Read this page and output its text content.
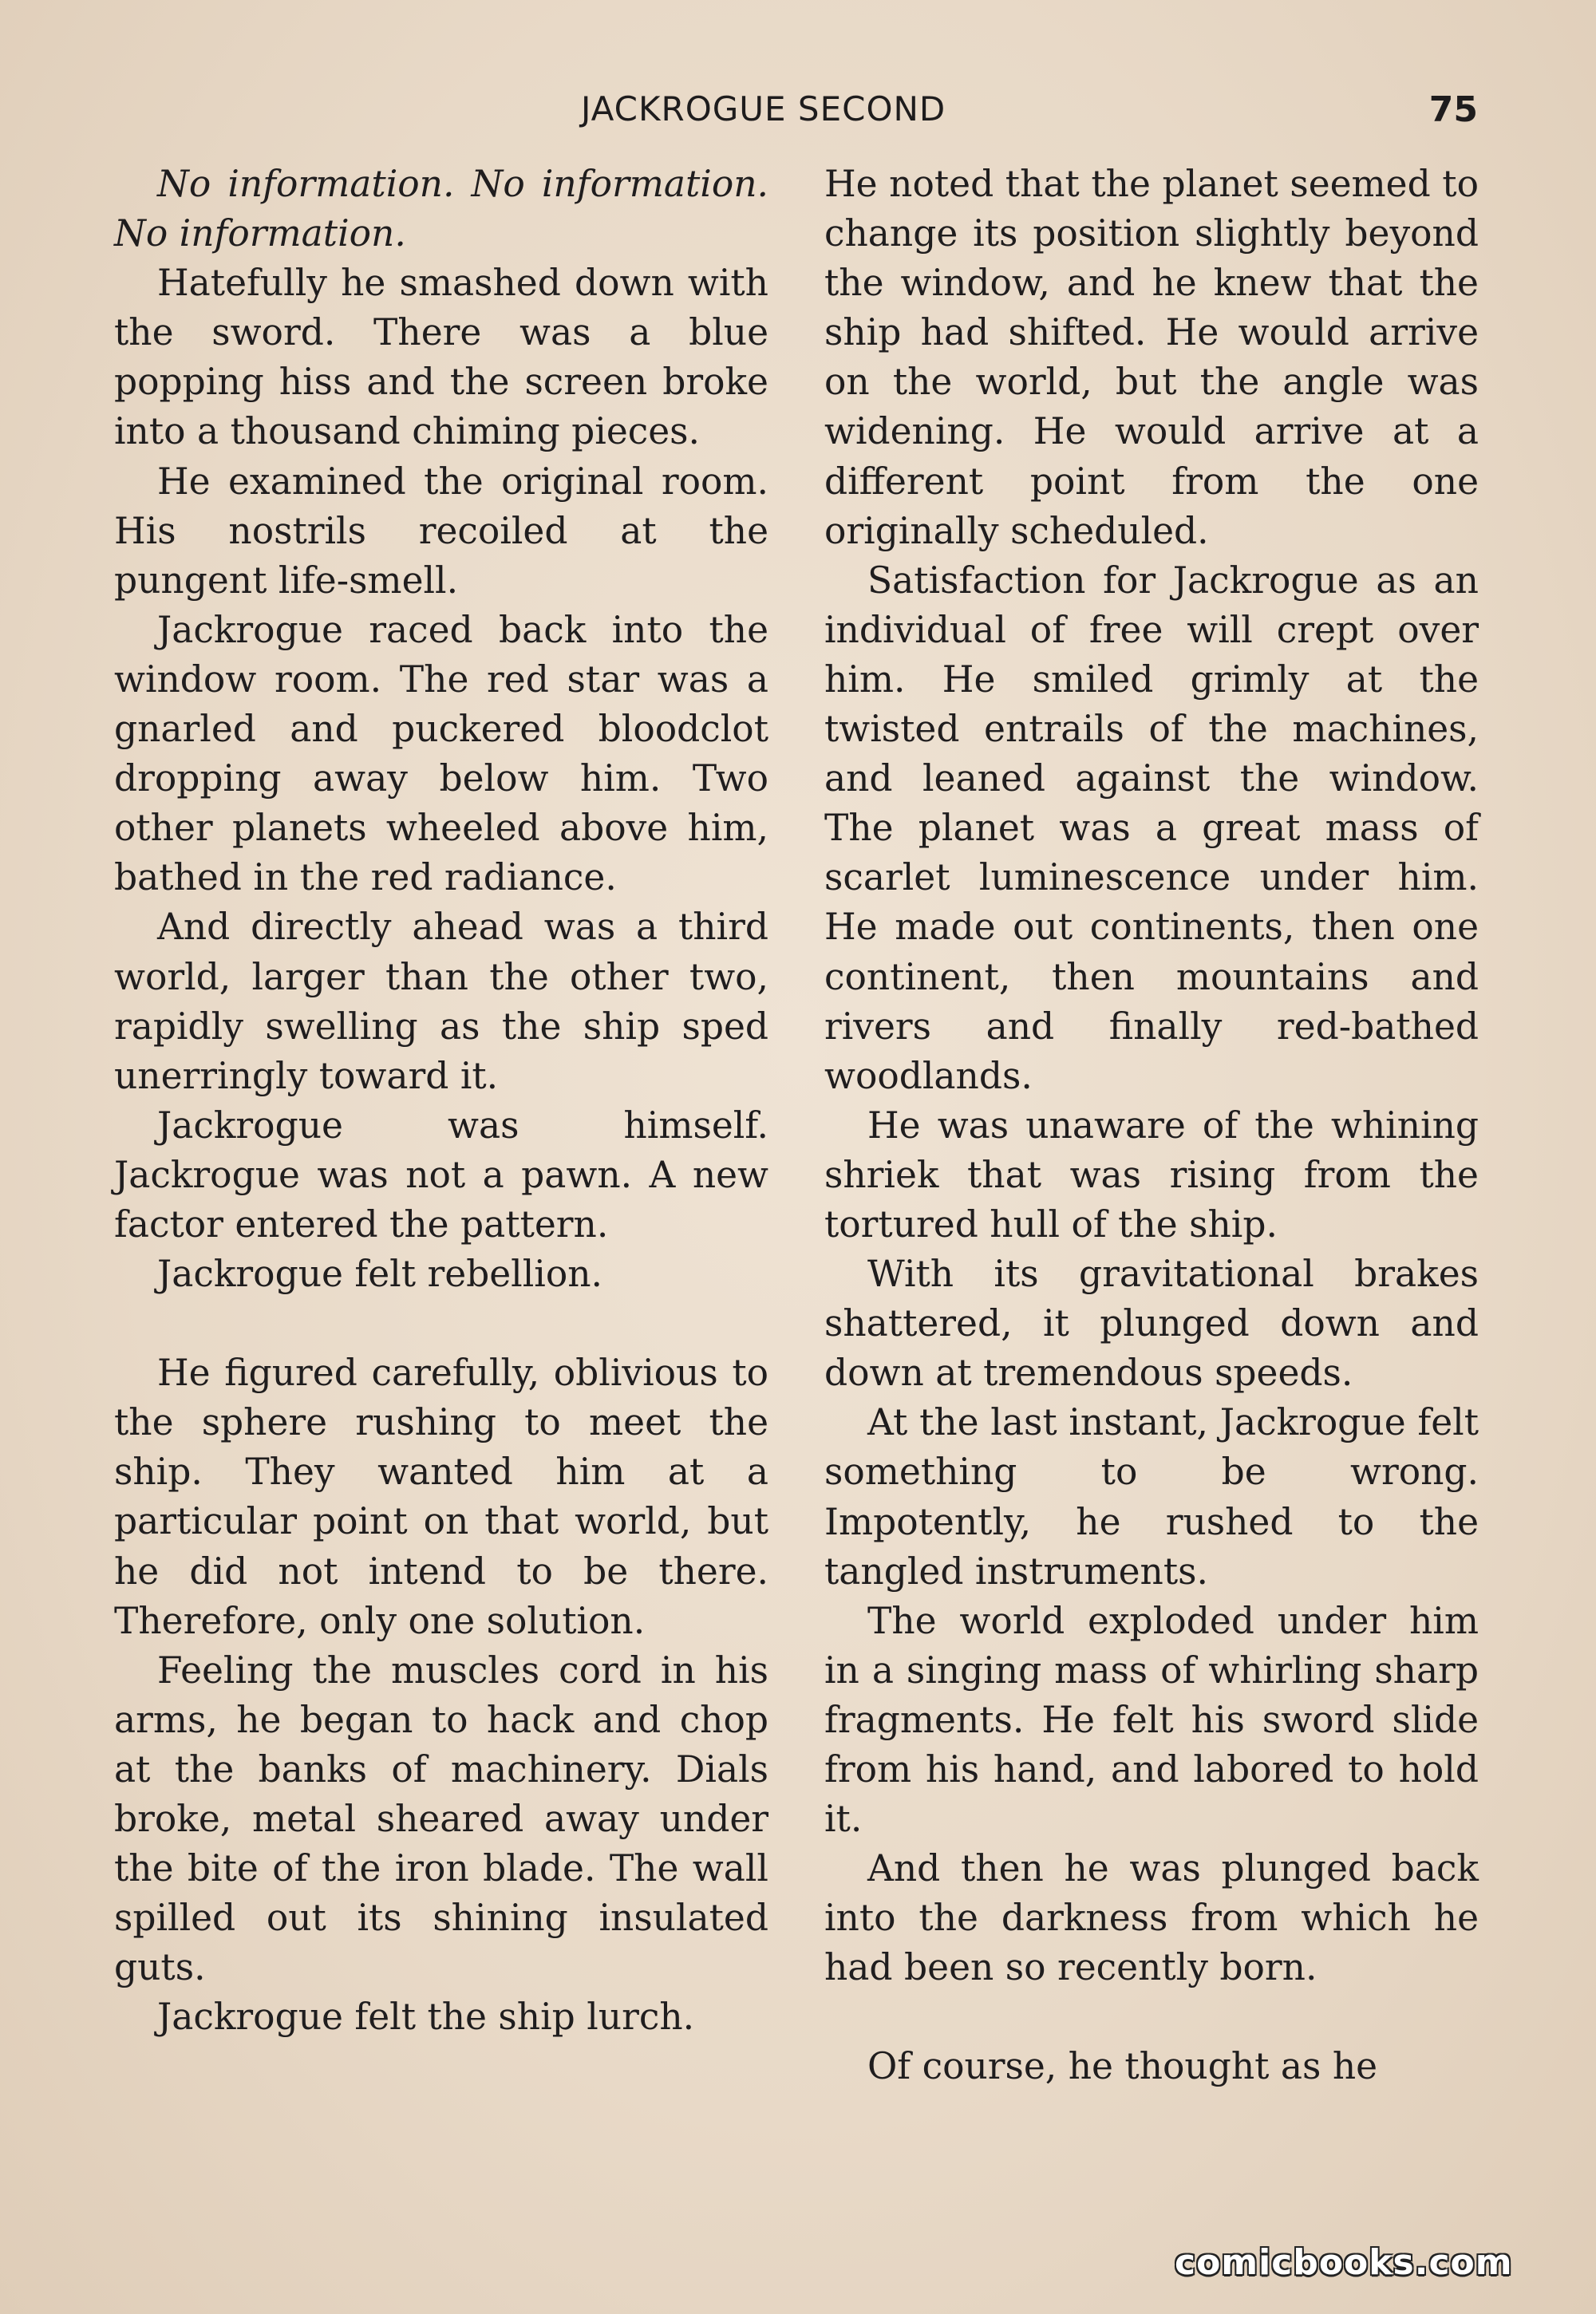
JACKROGUE SECOND	75

No information. No information. No information.

Hatefully he smashed down with the sword. There was a blue popping hiss and the screen broke into a thousand chiming pieces.

He examined the original room. His nostrils recoiled at the pungent life-smell.

Jackrogue raced back into the window room. The red star was a gnarled and puckered bloodclot dropping away below him. Two other planets wheeled above him, bathed in the red radiance.

And directly ahead was a third world, larger than the other two, rapidly swelling as the ship sped unerringly toward it.

Jackrogue was himself. Jackrogue was not a pawn. A new factor entered the pattern.

Jackrogue felt rebellion.

He figured carefully, oblivious to the sphere rushing to meet the ship. They wanted him at a particular point on that world, but he did not intend to be there. Therefore, only one solution.

Feeling the muscles cord in his arms, he began to hack and chop at the banks of machinery. Dials broke, metal sheared away under the bite of the iron blade. The wall spilled out its shining insulated guts.

Jackrogue felt the ship lurch.

He noted that the planet seemed to change its position slightly beyond the window, and he knew that the ship had shifted. He would arrive on the world, but the angle was widening. He would arrive at a different point from the one originally scheduled.

Satisfaction for Jackrogue as an individual of free will crept over him. He smiled grimly at the twisted entrails of the machines, and leaned against the window. The planet was a great mass of scarlet luminescence under him. He made out continents, then one continent, then mountains and rivers and finally red-bathed woodlands.

He was unaware of the whining shriek that was rising from the tortured hull of the ship.

With its gravitational brakes shattered, it plunged down and down at tremendous speeds.

At the last instant, Jackrogue felt something to be wrong. Impotently, he rushed to the tangled instruments.

The world exploded under him in a singing mass of whirling sharp fragments. He felt his sword slide from his hand, and labored to hold it.

And then he was plunged back into the darkness from which he had been so recently born.

Of course, he thought as he

comicbooks.com
